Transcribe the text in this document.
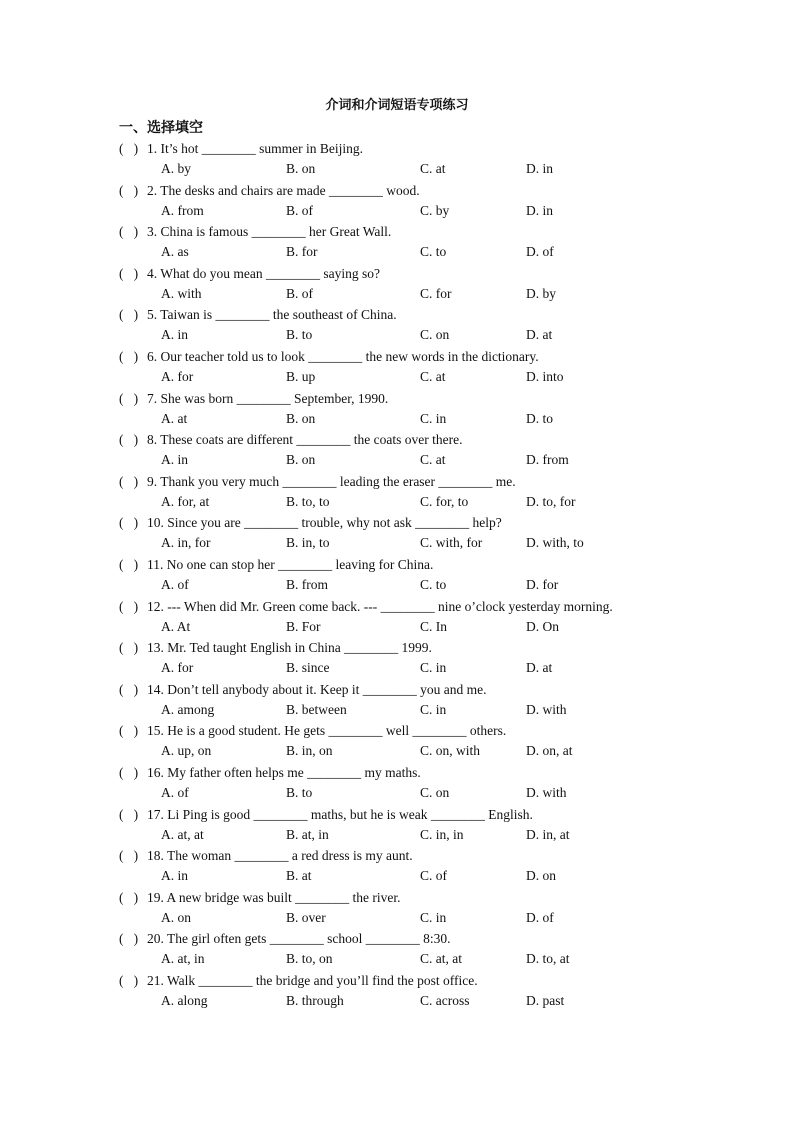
介词和介词短语专项练习
一、选择填空
(   ) 1. It’s hot ________ summer in Beijing.
A. by	B. on	C. at	D. in
(   ) 2. The desks and chairs are made ________ wood.
A. from	B. of	C. by	D. in
(   ) 3. China is famous ________ her Great Wall.
A. as	B. for	C. to	D. of
(   ) 4. What do you mean ________ saying so?
A. with	B. of	C. for	D. by
(   ) 5. Taiwan is ________ the southeast of China.
A. in	B. to	C. on	D. at
(   ) 6. Our teacher told us to look ________ the new words in the dictionary.
A. for	B. up	C. at	D. into
(   ) 7. She was born ________ September, 1990.
A. at	B. on	C. in	D. to
(   ) 8. These coats are different ________ the coats over there.
A. in	B. on	C. at	D. from
(   ) 9. Thank you very much ________ leading the eraser ________ me.
A. for, at	B. to, to	C. for, to	D. to, for
(   ) 10. Since you are ________ trouble, why not ask ________ help?
A. in, for	B. in, to	C. with, for	D. with, to
(   ) 11. No one can stop her ________ leaving for China.
A. of	B. from	C. to	D. for
(   ) 12. --- When did Mr. Green come back. --- ________ nine o’clock yesterday morning.
A. At	B. For	C. In	D. On
(   ) 13. Mr. Ted taught English in China ________ 1999.
A. for	B. since	C. in	D. at
(   ) 14. Don’t tell anybody about it. Keep it ________ you and me.
A. among	B. between	C. in	D. with
(   ) 15. He is a good student. He gets ________ well ________ others.
A. up, on	B. in, on	C. on, with	D. on, at
(   ) 16. My father often helps me ________ my maths.
A. of	B. to	C. on	D. with
(   ) 17. Li Ping is good ________ maths, but he is weak ________ English.
A. at, at	B. at, in	C. in, in	D. in, at
(   ) 18. The woman ________ a red dress is my aunt.
A. in	B. at	C. of	D. on
(   ) 19. A new bridge was built ________ the river.
A. on	B. over	C. in	D. of
(   ) 20. The girl often gets ________ school ________ 8:30.
A. at, in	B. to, on	C. at, at	D. to, at
(   ) 21. Walk ________ the bridge and you’ll find the post office.
A. along	B. through	C. across	D. past
